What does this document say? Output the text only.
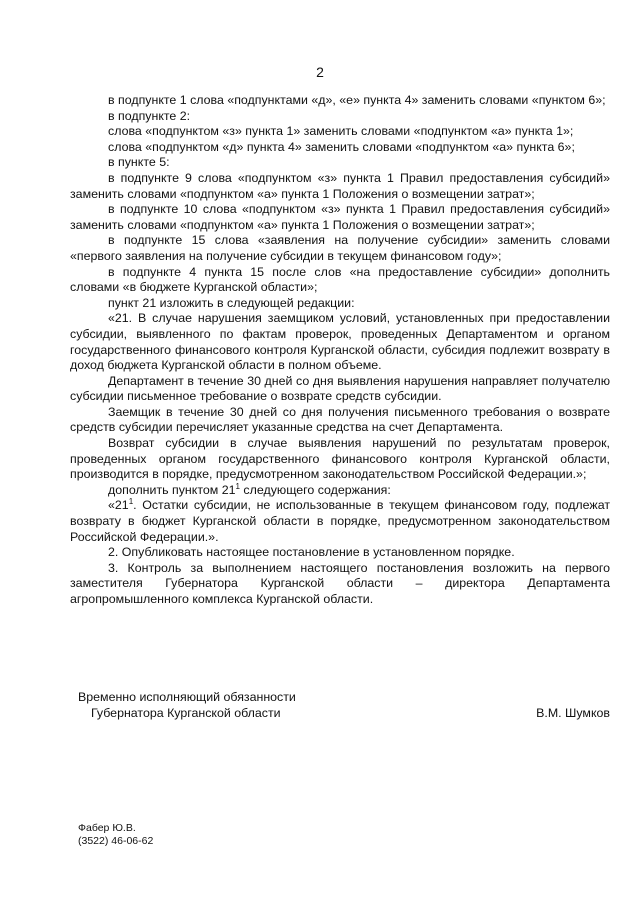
2

в подпункте 1 слова «подпунктами «д», «е» пункта 4» заменить словами «пунктом 6»;

в подпункте 2:

слова «подпунктом «з» пункта 1» заменить словами «подпунктом «а» пункта 1»;

слова «подпунктом «д» пункта 4» заменить словами «подпунктом «а» пункта 6»;

в пункте 5:

в подпункте 9 слова «подпунктом «з» пункта 1 Правил предоставления субсидий» заменить словами «подпунктом «а» пункта 1 Положения о возмещении затрат»;

в подпункте 10 слова «подпунктом «з» пункта 1 Правил предоставления субсидий» заменить словами «подпунктом «а» пункта 1 Положения о возмещении затрат»;

в подпункте 15 слова «заявления на получение субсидии» заменить словами «первого заявления на получение субсидии в текущем финансовом году»;

в подпункте 4 пункта 15 после слов «на предоставление субсидии» дополнить словами «в бюджете Курганской области»;

пункт 21 изложить в следующей редакции:

«21. В случае нарушения заемщиком условий, установленных при предоставлении субсидии, выявленного по фактам проверок, проведенных Департаментом и органом государственного финансового контроля Курганской области, субсидия подлежит возврату в доход бюджета Курганской области в полном объеме.

Департамент в течение 30 дней со дня выявления нарушения направляет получателю субсидии письменное требование о возврате средств субсидии.

Заемщик в течение 30 дней со дня получения письменного требования о возврате средств субсидии перечисляет указанные средства на счет Департамента.

Возврат субсидии в случае выявления нарушений по результатам проверок, проведенных органом государственного финансового контроля Курганской области, производится в порядке, предусмотренном законодательством Российской Федерации.»;

дополнить пунктом $21^1$ следующего содержания:

«$21^1$. Остатки субсидии, не использованные в текущем финансовом году, подлежат возврату в бюджет Курганской области в порядке, предусмотренном законодательством Российской Федерации.».

2. Опубликовать настоящее постановление в установленном порядке.

3. Контроль за выполнением настоящего постановления возложить на первого заместителя Губернатора Курганской области – директора Департамента агропромышленного комплекса Курганской области.

Временно исполняющий обязанности
Губернатора Курганской области	В.М. Шумков
Фабер Ю.В.
(3522) 46-06-62
